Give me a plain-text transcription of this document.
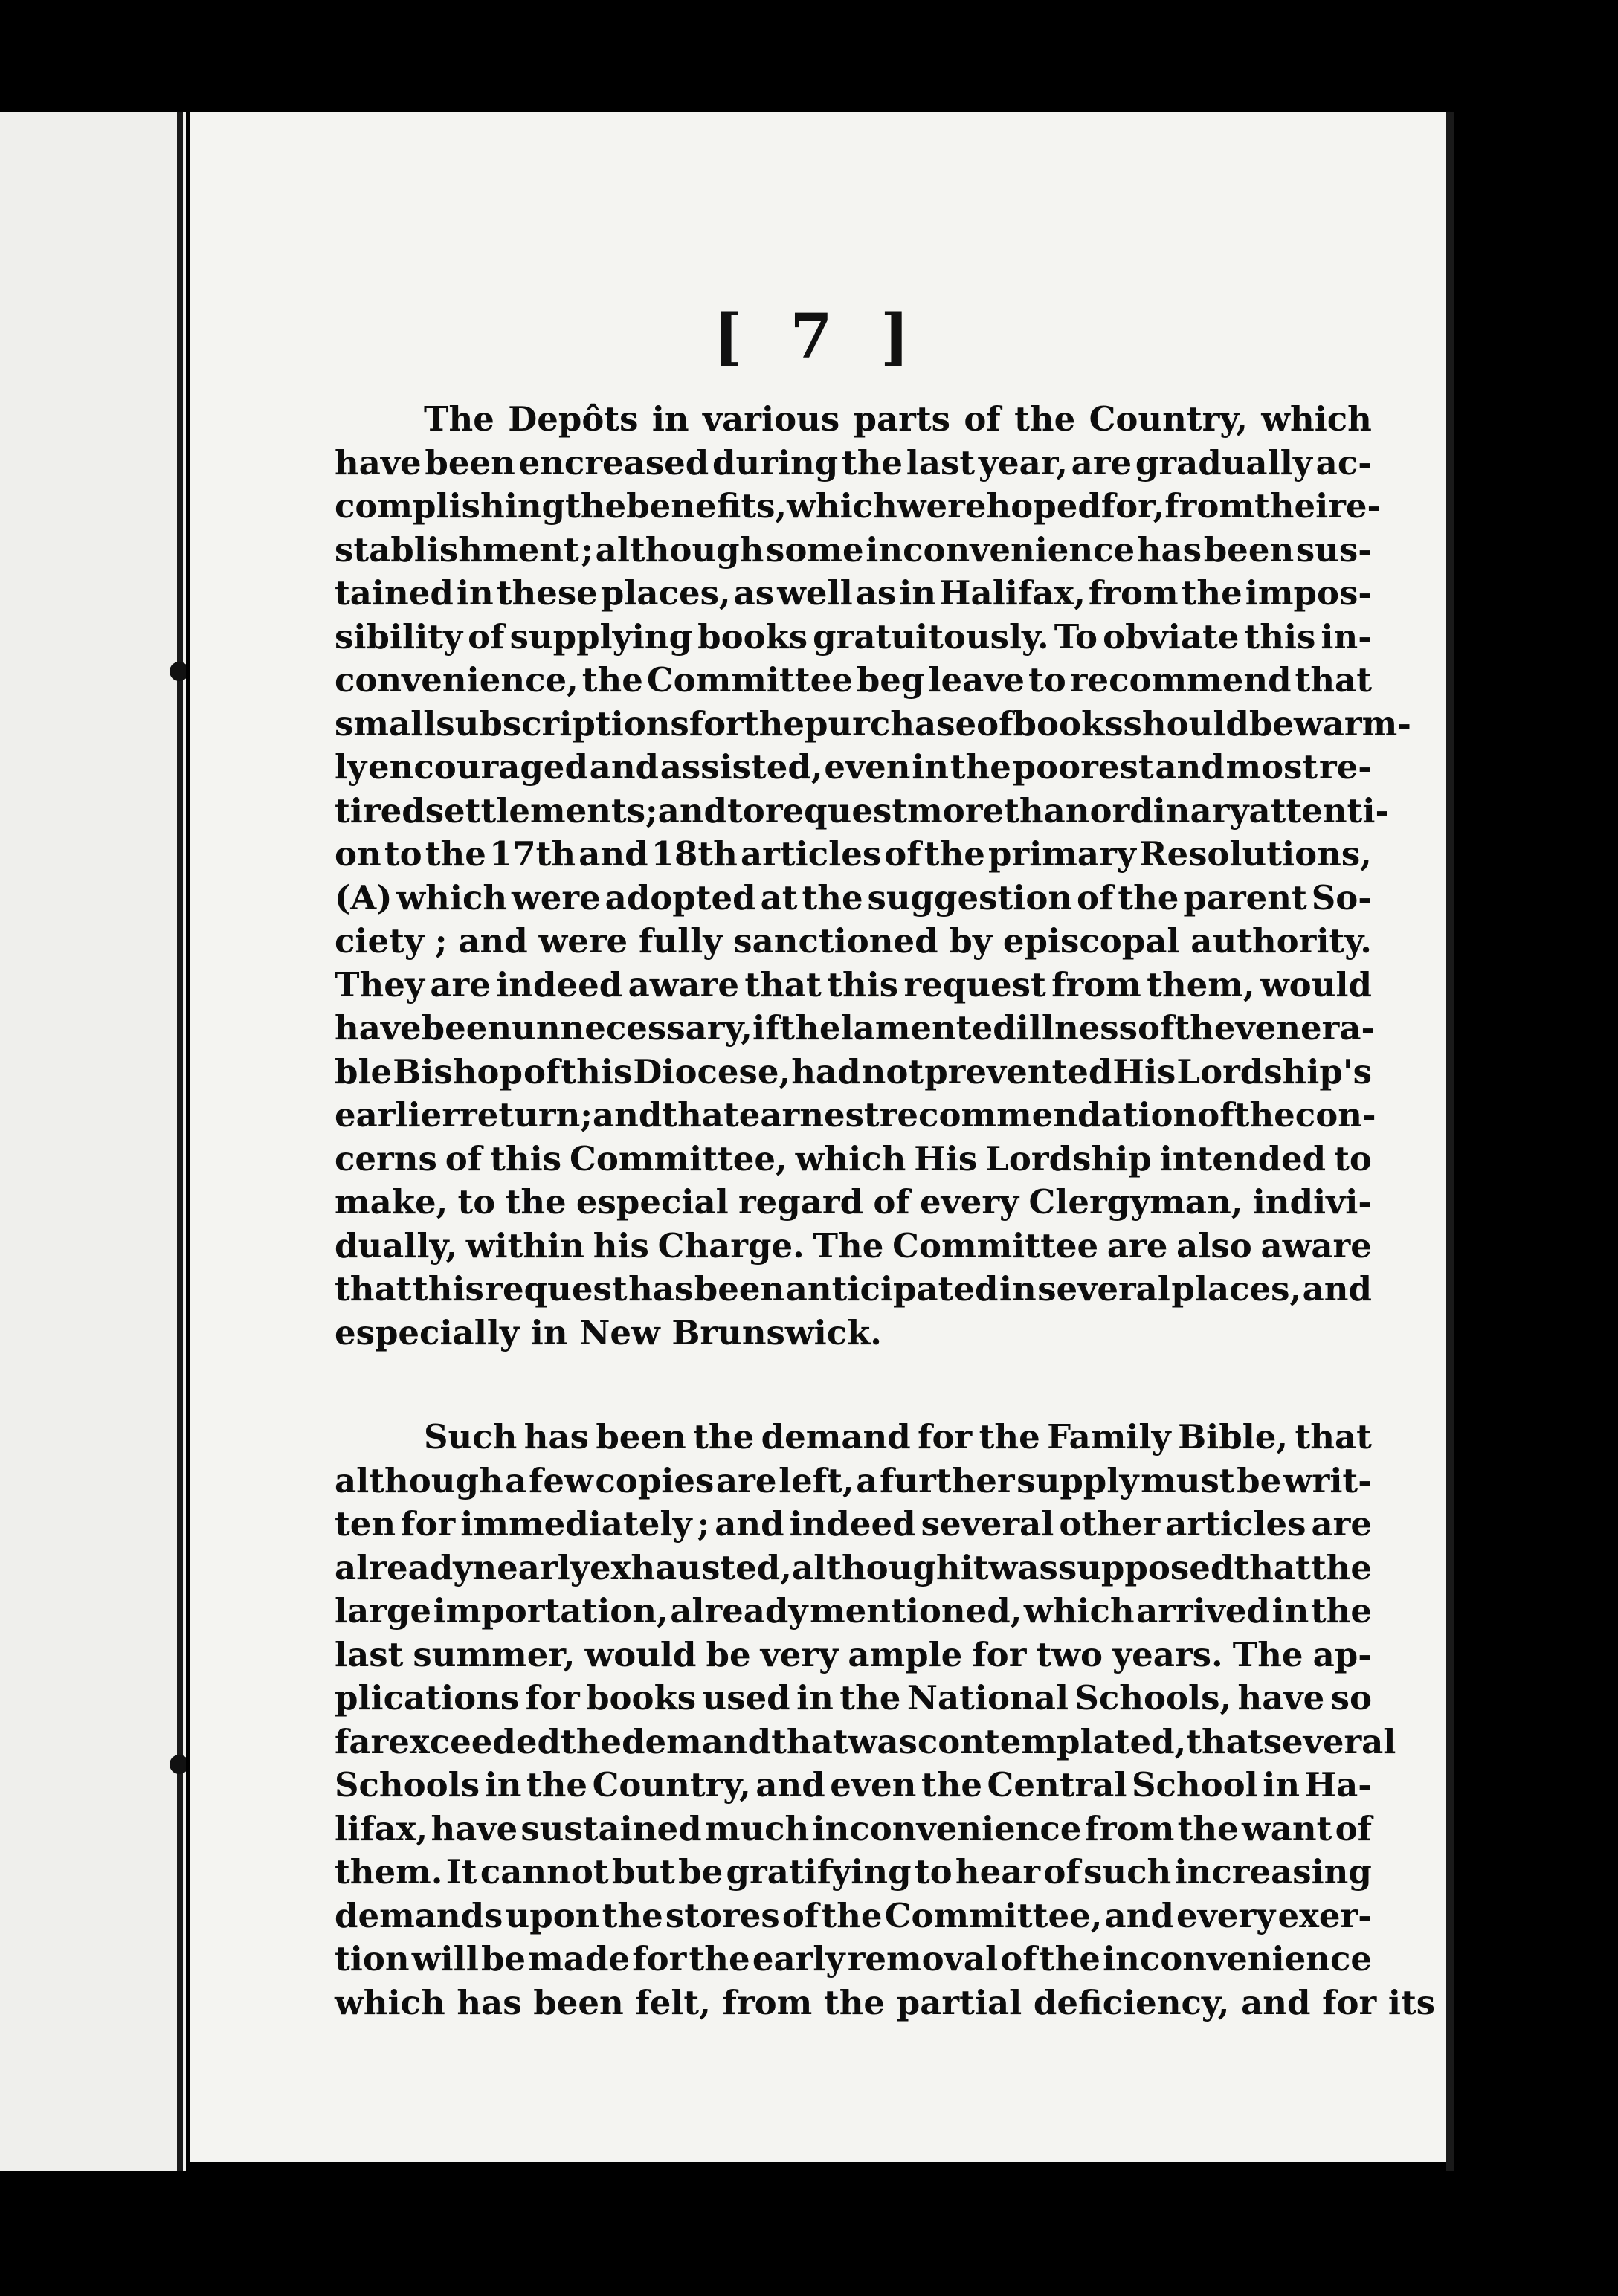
[ 7 ]
The Depôts in various parts of the Country, which
have been encreased during the last year, are gradually ac-
complishing the benefits, which were hoped for, from their e-
stablishment ; although some inconvenience has been sus-
tained in these places, as well as in Halifax, from the impos-
sibility of supplying books gratuitously. To obviate this in-
convenience, the Committee beg leave to recommend that
small subscriptions for the purchase of books should be warm-
ly encouraged and assisted, even in the poorest and most re-
tired settlements ; and to request more than ordinary attenti-
on to the 17th and 18th articles of the primary Resolutions,
(A) which were adopted at the suggestion of the parent So-
ciety ; and were fully sanctioned by episcopal authority.
They are indeed aware that this request from them, would
have been unnecessary, if the lamented illness of the venera-
ble Bishop of this Diocese, had not prevented His Lordship's
earlier return ; and that earnest recommendation of the con-
cerns of this Committee, which His Lordship intended to
make, to the especial regard of every Clergyman, indivi-
dually, within his Charge. The Committee are also aware
that this request has been anticipated in several places, and
especially in New Brunswick.
Such has been the demand for the Family Bible, that
although a few copies are left, a further supply must be writ-
ten for immediately ; and indeed several other articles are
already nearly exhausted, although it was supposed that the
large importation, already mentioned, which arrived in the
last summer, would be very ample for two years. The ap-
plications for books used in the National Schools, have so
far exceeded the demand that was contemplated, that several
Schools in the Country, and even the Central School in Ha-
lifax, have sustained much inconvenience from the want of
them. It cannot but be gratifying to hear of such increasing
demands upon the stores of the Committee, and every exer-
tion will be made for the early removal of the inconvenience
which has been felt, from the partial deficiency, and for its
